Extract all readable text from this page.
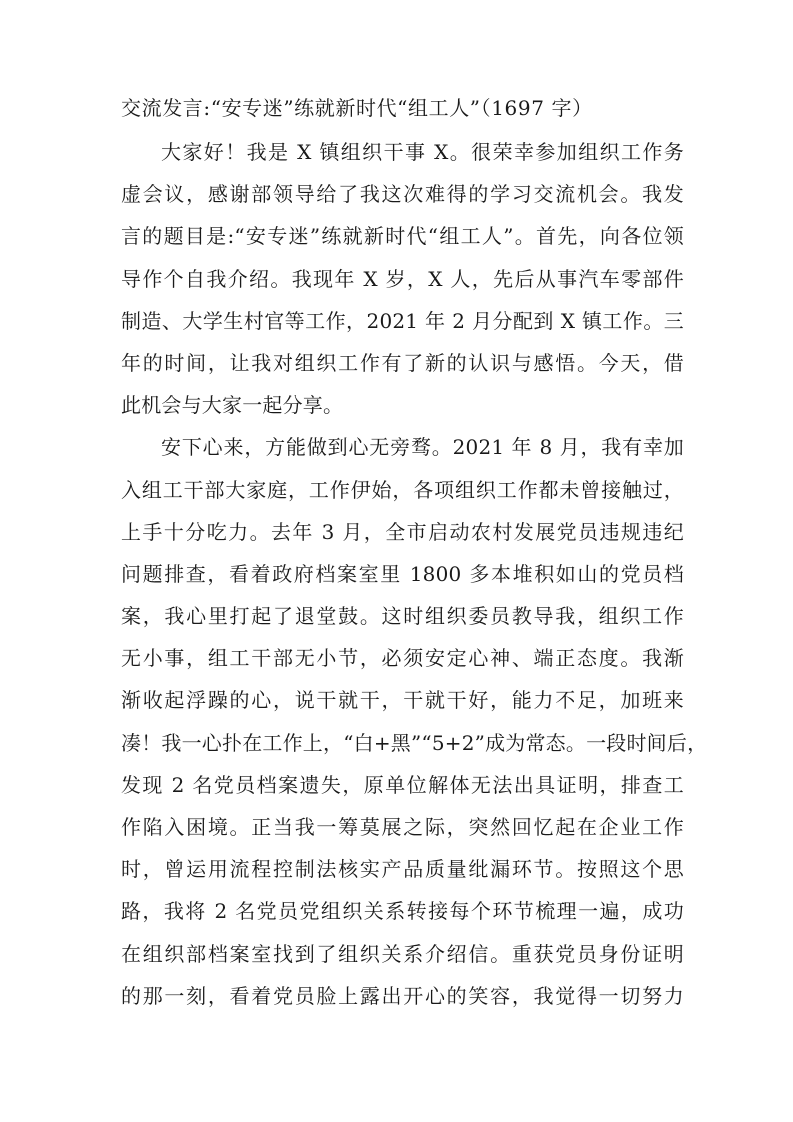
交流发言:“安专迷”练就新时代“组工人”（1697 字）
大家好！我是 X 镇组织干事 X。很荣幸参加组织工作务
虚会议，感谢部领导给了我这次难得的学习交流机会。我发
言的题目是:“安专迷”练就新时代“组工人”。首先，向各位领
导作个自我介绍。我现年 X 岁，X 人，先后从事汽车零部件
制造、大学生村官等工作，2021 年 2 月分配到 X 镇工作。三
年的时间，让我对组织工作有了新的认识与感悟。今天，借
此机会与大家一起分享。
安下心来，方能做到心无旁骛。2021 年 8 月，我有幸加
入组工干部大家庭，工作伊始，各项组织工作都未曾接触过，
上手十分吃力。去年 3 月，全市启动农村发展党员违规违纪
问题排查，看着政府档案室里 1800 多本堆积如山的党员档
案，我心里打起了退堂鼓。这时组织委员教导我，组织工作
无小事，组工干部无小节，必须安定心神、端正态度。我渐
渐收起浮躁的心，说干就干，干就干好，能力不足，加班来
凑！我一心扑在工作上，“白+黑”“5+2”成为常态。一段时间后，
发现 2 名党员档案遗失，原单位解体无法出具证明，排查工
作陷入困境。正当我一筹莫展之际，突然回忆起在企业工作
时，曾运用流程控制法核实产品质量纰漏环节。按照这个思
路，我将 2 名党员党组织关系转接每个环节梳理一遍，成功
在组织部档案室找到了组织关系介绍信。重获党员身份证明
的那一刻，看着党员脸上露出开心的笑容，我觉得一切努力
